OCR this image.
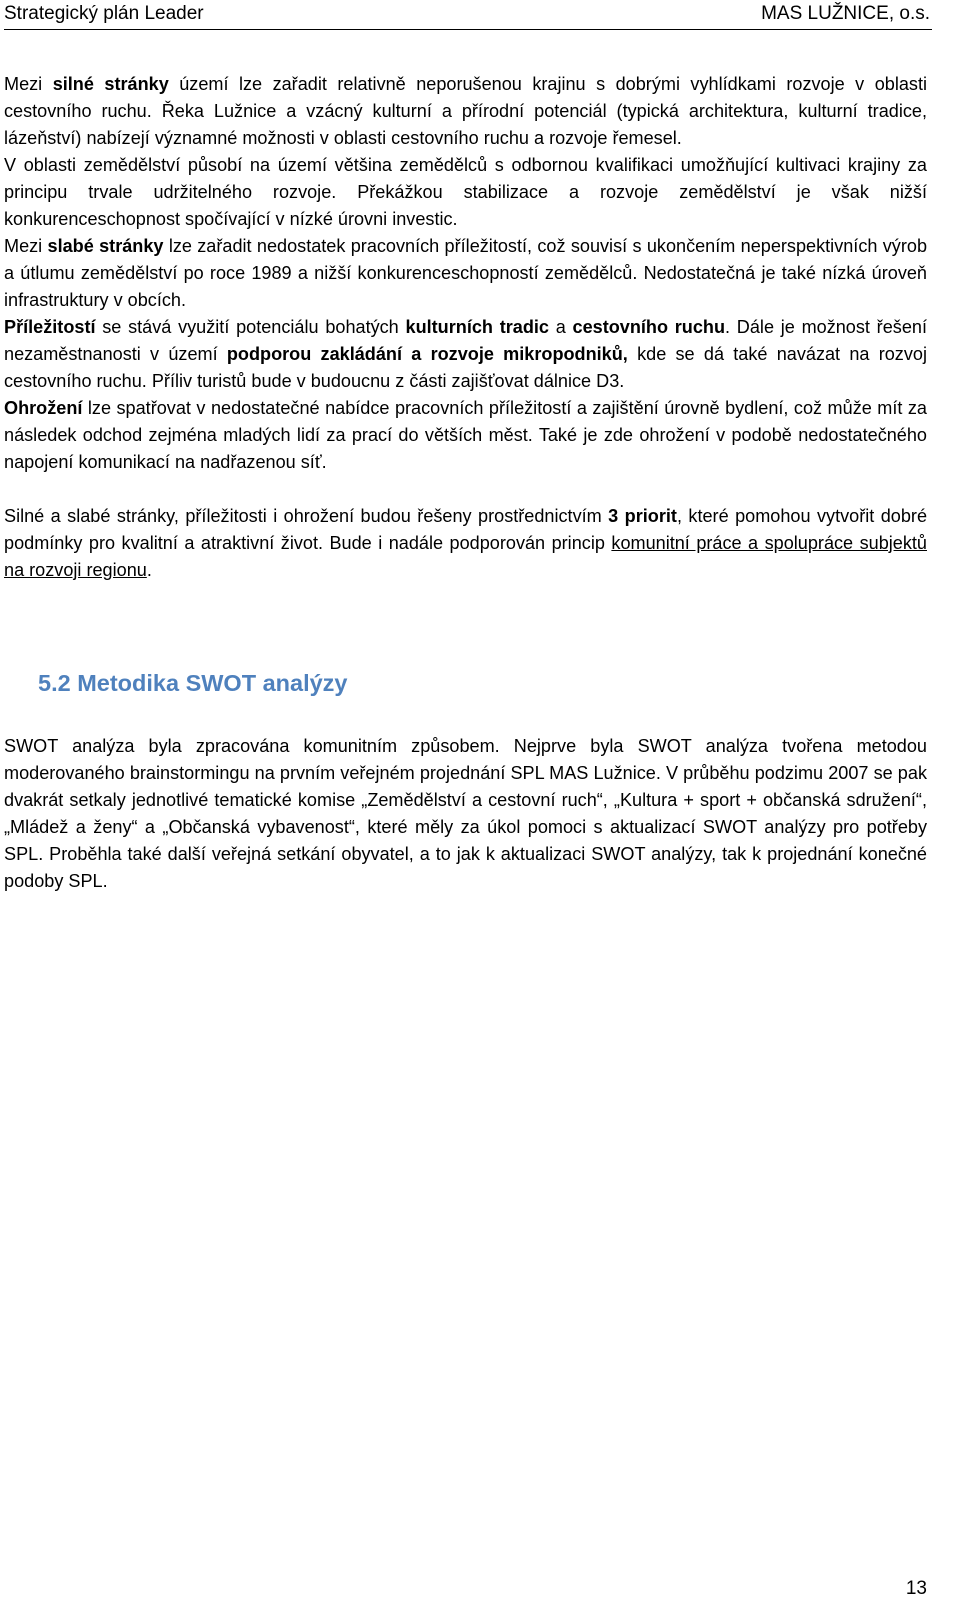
Strategický plán Leader	MAS LUŽNICE, o.s.

Mezi silné stránky území lze zařadit relativně neporušenou krajinu s dobrými vyhlídkami rozvoje v oblasti cestovního ruchu. Řeka Lužnice a vzácný kulturní a přírodní potenciál (typická architektura, kulturní tradice, lázeňství) nabízejí významné možnosti v oblasti cestovního ruchu a rozvoje řemesel.

V oblasti zemědělství působí na území většina zemědělců s odbornou kvalifikaci umožňující kultivaci krajiny za principu trvale udržitelného rozvoje. Překážkou stabilizace a rozvoje zemědělství je však nižší konkurenceschopnost spočívající v nízké úrovni investic.

Mezi slabé stránky lze zařadit nedostatek pracovních příležitostí, což souvisí s ukončením neperspektivních výrob a útlumu zemědělství po roce 1989 a nižší konkurenceschopností zemědělců. Nedostatečná je také nízká úroveň infrastruktury v obcích.

Příležitostí se stává využití potenciálu bohatých kulturních tradic a cestovního ruchu. Dále je možnost řešení nezaměstnanosti v území podporou zakládání a rozvoje mikropodniků, kde se dá také navázat na rozvoj cestovního ruchu. Příliv turistů bude v budoucnu z části zajišťovat dálnice D3.

Ohrožení lze spatřovat v nedostatečné nabídce pracovních příležitostí a zajištění úrovně bydlení, což může mít za následek odchod zejména mladých lidí za prací do větších měst. Také je zde ohrožení v podobě nedostatečného napojení komunikací na nadřazenou síť.

Silné a slabé stránky, příležitosti i ohrožení budou řešeny prostřednictvím 3 priorit, které pomohou vytvořit dobré podmínky pro kvalitní a atraktivní život. Bude i nadále podporován princip komunitní práce a spolupráce subjektů na rozvoji regionu.

5.2 Metodika SWOT analýzy

SWOT analýza byla zpracována komunitním způsobem. Nejprve byla SWOT analýza tvořena metodou moderovaného brainstormingu na prvním veřejném projednání SPL MAS Lužnice. V průběhu podzimu 2007 se pak dvakrát setkaly jednotlivé tematické komise „Zemědělství a cestovní ruch“, „Kultura + sport + občanská sdružení“, „Mládež a ženy“ a „Občanská vybavenost“, které měly za úkol pomoci s aktualizací SWOT analýzy pro potřeby SPL. Proběhla také další veřejná setkání obyvatel, a to jak k aktualizaci SWOT analýzy, tak k projednání konečné podoby SPL.

13
